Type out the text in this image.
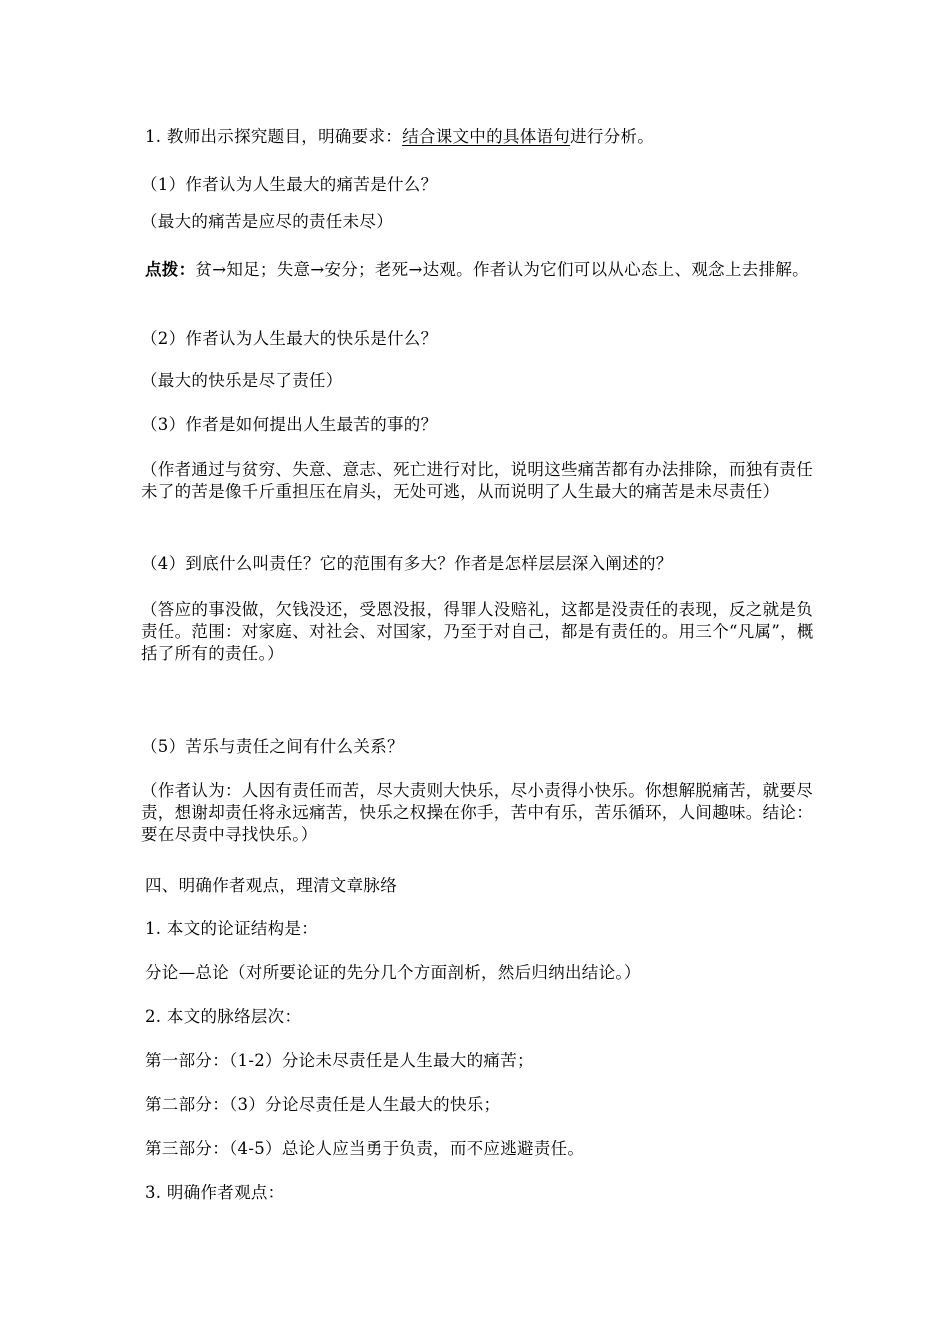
1. 教师出示探究题目，明确要求：结合课文中的具体语句进行分析。
（1）作者认为人生最大的痛苦是什么？
（最大的痛苦是应尽的责任未尽）
点拨：贫→知足；失意→安分；老死→达观。作者认为它们可以从心态上、观念上去排解。
（2）作者认为人生最大的快乐是什么？
（最大的快乐是尽了责任）
（3）作者是如何提出人生最苦的事的？
（作者通过与贫穷、失意、意志、死亡进行对比，说明这些痛苦都有办法排除，而独有责任未了的苦是像千斤重担压在肩头，无处可逃，从而说明了人生最大的痛苦是未尽责任）
（4）到底什么叫责任？它的范围有多大？作者是怎样层层深入阐述的？
（答应的事没做，欠钱没还，受恩没报，得罪人没赔礼，这都是没责任的表现，反之就是负责任。范围：对家庭、对社会、对国家，乃至于对自己，都是有责任的。用三个“凡属”，概括了所有的责任。）
（5）苦乐与责任之间有什么关系？
（作者认为：人因有责任而苦，尽大责则大快乐，尽小责得小快乐。你想解脱痛苦，就要尽责，想谢却责任将永远痛苦，快乐之权操在你手，苦中有乐，苦乐循环，人间趣味。结论：要在尽责中寻找快乐。）
四、明确作者观点，理清文章脉络
1. 本文的论证结构是：
分论—总论（对所要论证的先分几个方面剖析，然后归纳出结论。）
2. 本文的脉络层次：
第一部分：（1-2）分论未尽责任是人生最大的痛苦；
第二部分：（3）分论尽责任是人生最大的快乐；
第三部分：（4-5）总论人应当勇于负责，而不应逃避责任。
3. 明确作者观点：
